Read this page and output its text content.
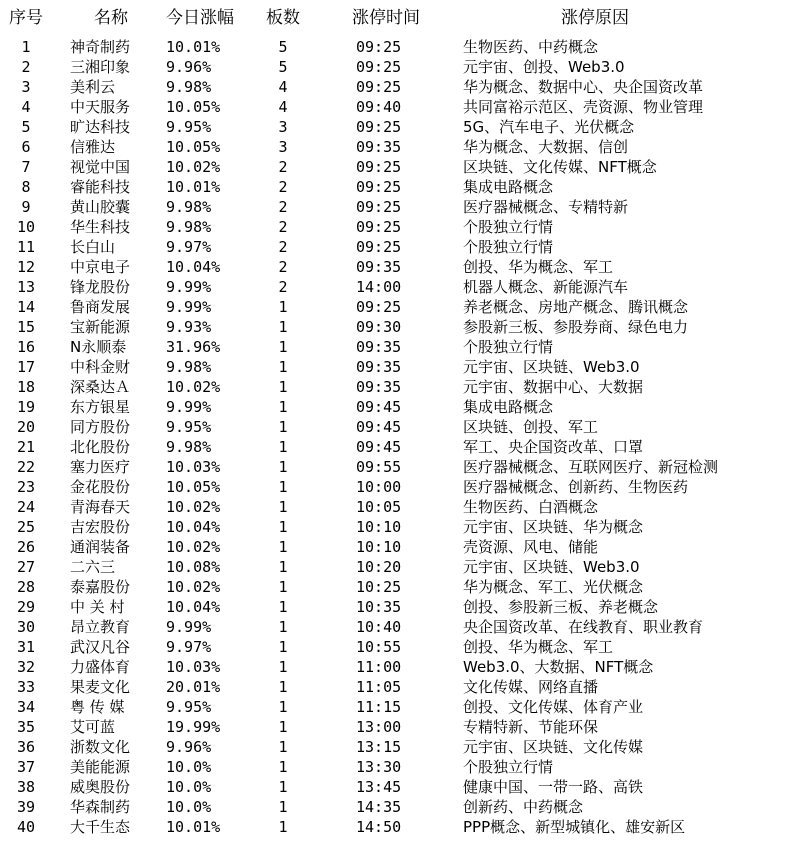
序号	名称	今日涨幅	板数	涨停时间	涨停原因
1	神奇制药	10.01%	5	09:25	生物医药、中药概念
2	三湘印象	9.96%	5	09:25	元宇宙、创投、Web3.0
3	美利云	9.98%	4	09:25	华为概念、数据中心、央企国资改革
4	中天服务	10.05%	4	09:40	共同富裕示范区、壳资源、物业管理
5	旷达科技	9.95%	3	09:25	5G、汽车电子、光伏概念
6	信雅达	10.05%	3	09:35	华为概念、大数据、信创
7	视觉中国	10.02%	2	09:25	区块链、文化传媒、NFT概念
8	睿能科技	10.01%	2	09:25	集成电路概念
9	黄山胶囊	9.98%	2	09:25	医疗器械概念、专精特新
10	华生科技	9.98%	2	09:25	个股独立行情
11	长白山	9.97%	2	09:25	个股独立行情
12	中京电子	10.04%	2	09:35	创投、华为概念、军工
13	锋龙股份	9.99%	2	14:00	机器人概念、新能源汽车
14	鲁商发展	9.99%	1	09:25	养老概念、房地产概念、腾讯概念
15	宝新能源	9.93%	1	09:30	参股新三板、参股券商、绿色电力
16	N永顺泰	31.96%	1	09:35	个股独立行情
17	中科金财	9.98%	1	09:35	元宇宙、区块链、Web3.0
18	深桑达Ａ	10.02%	1	09:35	元宇宙、数据中心、大数据
19	东方银星	9.99%	1	09:45	集成电路概念
20	同方股份	9.95%	1	09:45	区块链、创投、军工
21	北化股份	9.98%	1	09:45	军工、央企国资改革、口罩
22	塞力医疗	10.03%	1	09:55	医疗器械概念、互联网医疗、新冠检测
23	金花股份	10.05%	1	10:00	医疗器械概念、创新药、生物医药
24	青海春天	10.02%	1	10:05	生物医药、白酒概念
25	吉宏股份	10.04%	1	10:10	元宇宙、区块链、华为概念
26	通润装备	10.02%	1	10:10	壳资源、风电、储能
27	二六三	10.08%	1	10:20	元宇宙、区块链、Web3.0
28	泰嘉股份	10.02%	1	10:25	华为概念、军工、光伏概念
29	中 关 村	10.04%	1	10:35	创投、参股新三板、养老概念
30	昂立教育	9.99%	1	10:40	央企国资改革、在线教育、职业教育
31	武汉凡谷	9.97%	1	10:55	创投、华为概念、军工
32	力盛体育	10.03%	1	11:00	Web3.0、大数据、NFT概念
33	果麦文化	20.01%	1	11:05	文化传媒、网络直播
34	粤 传 媒	9.95%	1	11:15	创投、文化传媒、体育产业
35	艾可蓝	19.99%	1	13:00	专精特新、节能环保
36	浙数文化	9.96%	1	13:15	元宇宙、区块链、文化传媒
37	美能能源	10.0%	1	13:30	个股独立行情
38	威奥股份	10.0%	1	13:45	健康中国、一带一路、高铁
39	华森制药	10.0%	1	14:35	创新药、中药概念
40	大千生态	10.01%	1	14:50	PPP概念、新型城镇化、雄安新区
